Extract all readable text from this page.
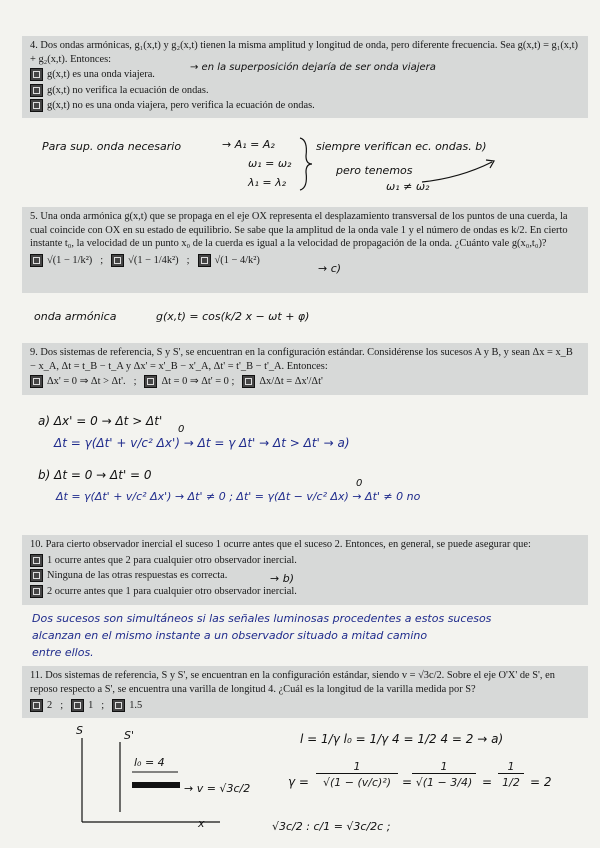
4. Dos ondas armónicas, g₁(x,t) y g₂(x,t) tienen la misma amplitud y longitud de onda, pero diferente frecuencia. Sea g(x,t) = g₁(x,t) + g₂(x,t). Entonces:

g(x,t) es una onda viajera.
g(x,t) no verifica la ecuación de ondas.
g(x,t) no es una onda viajera, pero verifica la ecuación de ondas.
→ en la superposición dejaría de ser onda viajera
Para sup. onda necesario	→ A₁ = A₂
ω₁ = ω₂
λ₁ = λ₂
siempre verifican ec. ondas. b)
pero tenemos
ω₁ ≠ ω₂

5. Una onda armónica g(x,t) que se propaga en el eje OX representa el desplazamiento transversal de los puntos de una cuerda, la cual coincide con OX en su estado de equilibrio. Se sabe que la amplitud de la onda vale 1 y el número de ondas es k/2. En cierto instante t₀, la velocidad de un punto x₀ de la cuerda es igual a la velocidad de propagación de la onda. ¿Cuánto vale g(x₀,t₀)?

√(1 − 1/k²) ; √(1 − 1/4k²) ; √(1 − 4/k²)
→ c)
onda armónica	g(x,t) = cos(k/2 x − ωt + φ)

9. Dos sistemas de referencia, S y S', se encuentran en la configuración estándar. Considérense los sucesos A y B, y sean Δx = x_B − x_A, Δt = t_B − t_A y Δx' = x'_B − x'_A, Δt' = t'_B − t'_A. Entonces:

Δx' = 0 ⇒ Δt > Δt'. ; Δt = 0 ⇒ Δt' = 0 ; Δx/Δt = Δx'/Δt'
a) Δx' = 0 → Δt > Δt'
0
Δt = γ(Δt' + v/c² Δx') → Δt = γ Δt' → Δt > Δt' → a)
b) Δt = 0 → Δt' = 0
0
Δt = γ(Δt' + v/c² Δx') → Δt' ≠ 0 ; Δt' = γ(Δt − v/c² Δx) → Δt' ≠ 0 no

10. Para cierto observador inercial el suceso 1 ocurre antes que el suceso 2. Entonces, en general, se puede asegurar que:

1 ocurre antes que 2 para cualquier otro observador inercial.
Ninguna de las otras respuestas es correcta.
2 ocurre antes que 1 para cualquier otro observador inercial.
→ b)
Dos sucesos son simultáneos si las señales luminosas procedentes a estos sucesos
alcanzan en el mismo instante a un observador situado a mitad camino
entre ellos.

11. Dos sistemas de referencia, S y S', se encuentran en la configuración estándar, siendo v = √3c/2. Sobre el eje O'X' de S', en reposo respecto a S', se encuentra una varilla de longitud 4. ¿Cuál es la longitud de la varilla medida por S?

2 ; 1 ; 1.5
S	S'
x
l₀ = 4
→ v = √3c/2
l = 1/γ l₀ = 1/γ 4 = 1/2 4 = 2 → a)
γ =
1
√(1 − (v/c)²) =
1
√(1 − 3/4) =
1
1/2 = 2
√3c/2 : c/1 = √3c/2c ;
